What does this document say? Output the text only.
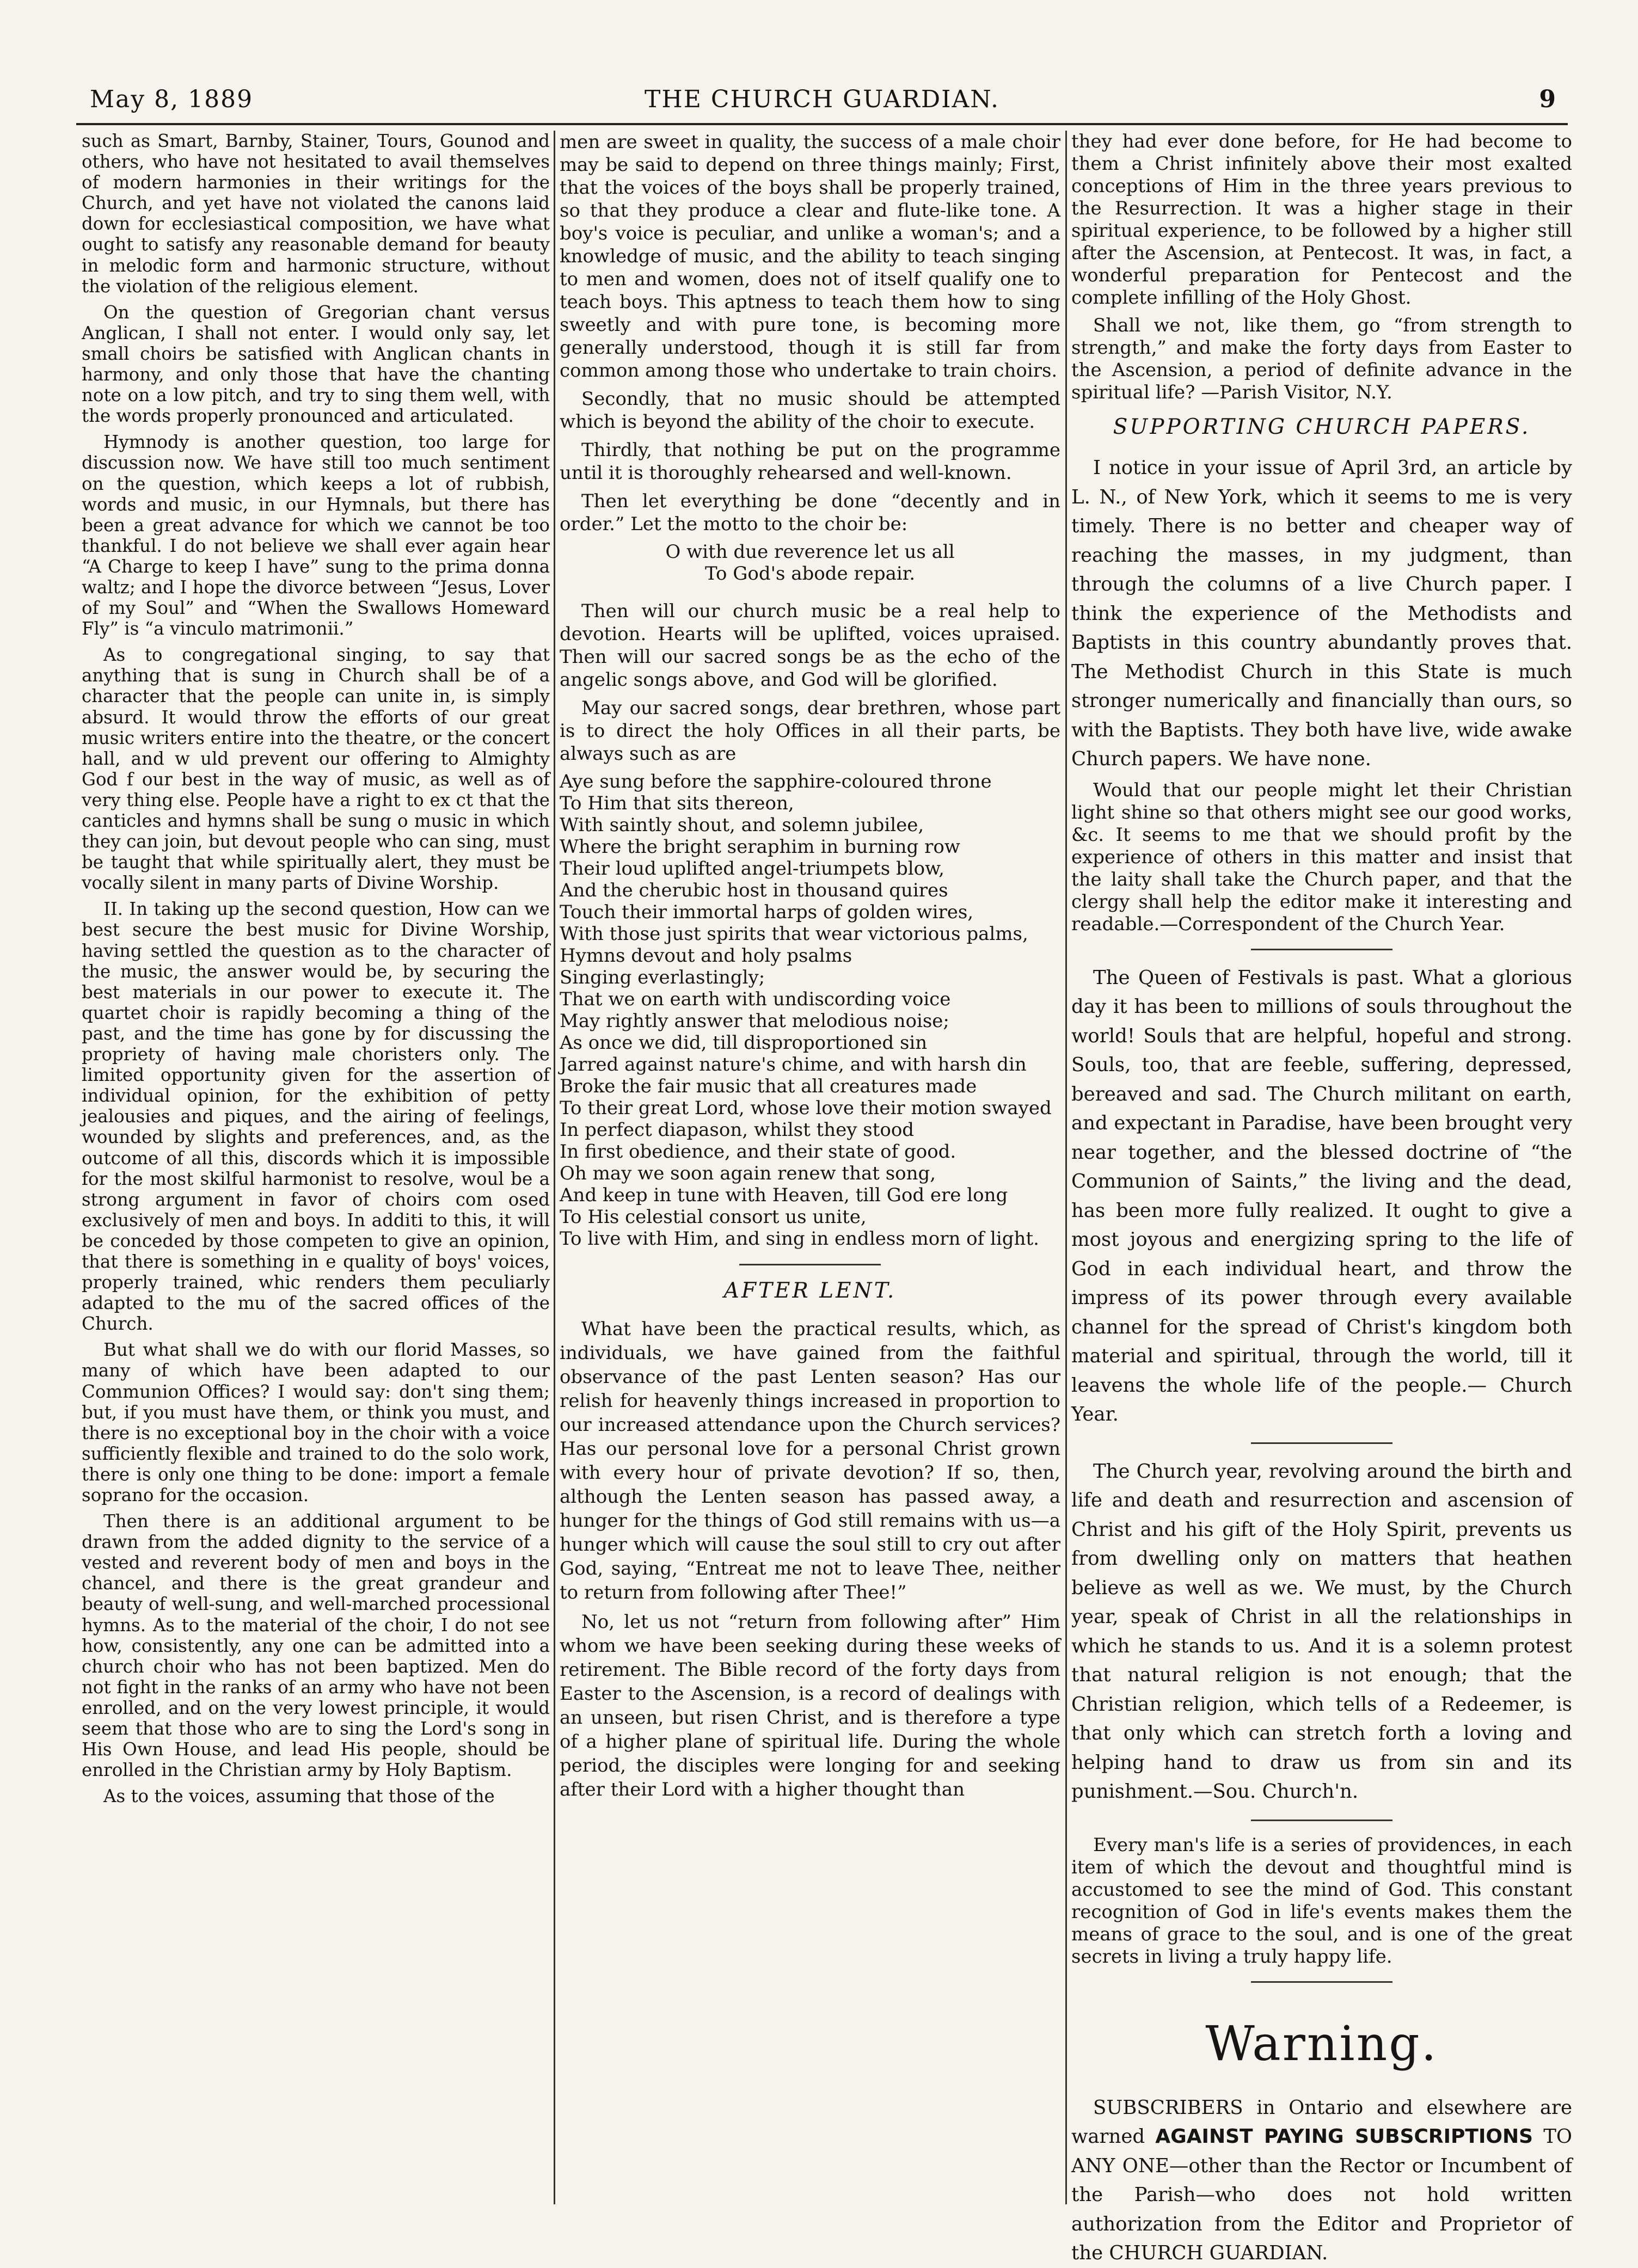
THE CHURCH GUARDIAN.
May 8, 1889	9

such as Smart, Barnby, Stainer, Tours, Gounod and others, who have not hesitated to avail themselves of modern harmonies in their writings for the Church, and yet have not violated the canons laid down for ecclesiastical composition, we have what ought to satisfy any reasonable demand for beauty in melodic form and harmonic structure, without the violation of the religious element.

On the question of Gregorian chant versus Anglican, I shall not enter. I would only say, let small choirs be satisfied with Anglican chants in harmony, and only those that have the chanting note on a low pitch, and try to sing them well, with the words properly pronounced and articulated.

Hymnody is another question, too large for discussion now. We have still too much sentiment on the question, which keeps a lot of rubbish, words and music, in our Hymnals, but there has been a great advance for which we cannot be too thankful. I do not believe we shall ever again hear “A Charge to keep I have” sung to the prima donna waltz; and I hope the divorce between “Jesus, Lover of my Soul” and “When the Swallows Homeward Fly” is “a vinculo matrimonii.”

As to congregational singing, to say that anything that is sung in Church shall be of a character that the people can unite in, is simply absurd. It would throw the efforts of our great music writers entire into the theatre, or the concert hall, and w uld prevent our offering to Almighty God f our best in the way of music, as well as of very thing else. People have a right to ex ct that the canticles and hymns shall be sung o music in which they can join, but devout people who can sing, must be taught that while spiritually alert, they must be vocally silent in many parts of Divine Worship.

II. In taking up the second question, How can we best secure the best music for Divine Worship, having settled the question as to the character of the music, the answer would be, by securing the best materials in our power to execute it. The quartet choir is rapidly becoming a thing of the past, and the time has gone by for discussing the propriety of having male choristers only. The limited opportunity given for the assertion of individual opinion, for the exhibition of petty jealousies and piques, and the airing of feelings, wounded by slights and preferences, and, as the outcome of all this, discords which it is impossible for the most skilful harmonist to resolve, woul be a strong argument in favor of choirs com osed exclusively of men and boys. In additi to this, it will be conceded by those competen to give an opinion, that there is something in e quality of boys' voices, properly trained, whic renders them peculiarly adapted to the mu of the sacred offices of the Church.

But what shall we do with our florid Masses, so many of which have been adapted to our Communion Offices? I would say: don't sing them; but, if you must have them, or think you must, and there is no exceptional boy in the choir with a voice sufficiently flexible and trained to do the solo work, there is only one thing to be done: import a female soprano for the occasion.

Then there is an additional argument to be drawn from the added dignity to the service of a vested and reverent body of men and boys in the chancel, and there is the great grandeur and beauty of well-sung, and well-marched processional hymns. As to the material of the choir, I do not see how, consistently, any one can be admitted into a church choir who has not been baptized. Men do not fight in the ranks of an army who have not been enrolled, and on the very lowest principle, it would seem that those who are to sing the Lord's song in His Own House, and lead His people, should be enrolled in the Christian army by Holy Baptism.

As to the voices, assuming that those of the

men are sweet in quality, the success of a male choir may be said to depend on three things mainly; First, that the voices of the boys shall be properly trained, so that they produce a clear and flute-like tone. A boy's voice is peculiar, and unlike a woman's; and a knowledge of music, and the ability to teach singing to men and women, does not of itself qualify one to teach boys. This aptness to teach them how to sing sweetly and with pure tone, is becoming more generally understood, though it is still far from common among those who undertake to train choirs.

Secondly, that no music should be attempted which is beyond the ability of the choir to execute.

Thirdly, that nothing be put on the programme until it is thoroughly rehearsed and well-known.

Then let everything be done “decently and in order.” Let the motto to the choir be:

O with due reverence let us all
To God's abode repair.

Then will our church music be a real help to devotion. Hearts will be uplifted, voices upraised. Then will our sacred songs be as the echo of the angelic songs above, and God will be glorified.

May our sacred songs, dear brethren, whose part is to direct the holy Offices in all their parts, be always such as are

Aye sung before the sapphire-coloured throne
To Him that sits thereon,
With saintly shout, and solemn jubilee,
Where the bright seraphim in burning row
Their loud uplifted angel-triumpets blow,
And the cherubic host in thousand quires
Touch their immortal harps of golden wires,
With those just spirits that wear victorious palms,
Hymns devout and holy psalms
Singing everlastingly;
That we on earth with undiscording voice
May rightly answer that melodious noise;
As once we did, till disproportioned sin
Jarred against nature's chime, and with harsh din
Broke the fair music that all creatures made
To their great Lord, whose love their motion swayed
In perfect diapason, whilst they stood
In first obedience, and their state of good.
Oh may we soon again renew that song,
And keep in tune with Heaven, till God ere long
To His celestial consort us unite,
To live with Him, and sing in endless morn of light.
AFTER LENT.

What have been the practical results, which, as individuals, we have gained from the faithful observance of the past Lenten season? Has our relish for heavenly things increased in proportion to our increased attendance upon the Church services? Has our personal love for a personal Christ grown with every hour of private devotion? If so, then, although the Lenten season has passed away, a hunger for the things of God still remains with us—a hunger which will cause the soul still to cry out after God, saying, “Entreat me not to leave Thee, neither to return from following after Thee!”

No, let us not “return from following after” Him whom we have been seeking during these weeks of retirement. The Bible record of the forty days from Easter to the Ascension, is a record of dealings with an unseen, but risen Christ, and is therefore a type of a higher plane of spiritual life. During the whole period, the disciples were longing for and seeking after their Lord with a higher thought than

they had ever done before, for He had become to them a Christ infinitely above their most exalted conceptions of Him in the three years previous to the Resurrection. It was a higher stage in their spiritual experience, to be followed by a higher still after the Ascension, at Pentecost. It was, in fact, a wonderful preparation for Pentecost and the complete infilling of the Holy Ghost.

Shall we not, like them, go “from strength to strength,” and make the forty days from Easter to the Ascension, a period of definite advance in the spiritual life? —Parish Visitor, N.Y.

SUPPORTING CHURCH PAPERS.

I notice in your issue of April 3rd, an article by L. N., of New York, which it seems to me is very timely. There is no better and cheaper way of reaching the masses, in my judgment, than through the columns of a live Church paper. I think the experience of the Methodists and Baptists in this country abundantly proves that. The Methodist Church in this State is much stronger numerically and financially than ours, so with the Baptists. They both have live, wide awake Church papers. We have none.

Would that our people might let their Christian light shine so that others might see our good works, &c. It seems to me that we should profit by the experience of others in this matter and insist that the laity shall take the Church paper, and that the clergy shall help the editor make it interesting and readable.—Correspondent of the Church Year.

The Queen of Festivals is past. What a glorious day it has been to millions of souls throughout the world! Souls that are helpful, hopeful and strong. Souls, too, that are feeble, suffering, depressed, bereaved and sad. The Church militant on earth, and expectant in Paradise, have been brought very near together, and the blessed doctrine of “the Communion of Saints,” the living and the dead, has been more fully realized. It ought to give a most joyous and energizing spring to the life of God in each individual heart, and throw the impress of its power through every available channel for the spread of Christ's kingdom both material and spiritual, through the world, till it leavens the whole life of the people.— Church Year.

The Church year, revolving around the birth and life and death and resurrection and ascension of Christ and his gift of the Holy Spirit, prevents us from dwelling only on matters that heathen believe as well as we. We must, by the Church year, speak of Christ in all the relationships in which he stands to us. And it is a solemn protest that natural religion is not enough; that the Christian religion, which tells of a Redeemer, is that only which can stretch forth a loving and helping hand to draw us from sin and its punishment.—Sou. Church'n.

Every man's life is a series of providences, in each item of which the devout and thoughtful mind is accustomed to see the mind of God. This constant recognition of God in life's events makes them the means of grace to the soul, and is one of the great secrets in living a truly happy life.

Warning.

SUBSCRIBERS in Ontario and elsewhere are warned AGAINST PAYING SUBSCRIPTIONS TO ANY ONE—other than the Rector or Incumbent of the Parish—who does not hold written authorization from the Editor and Proprietor of the CHURCH GUARDIAN.
